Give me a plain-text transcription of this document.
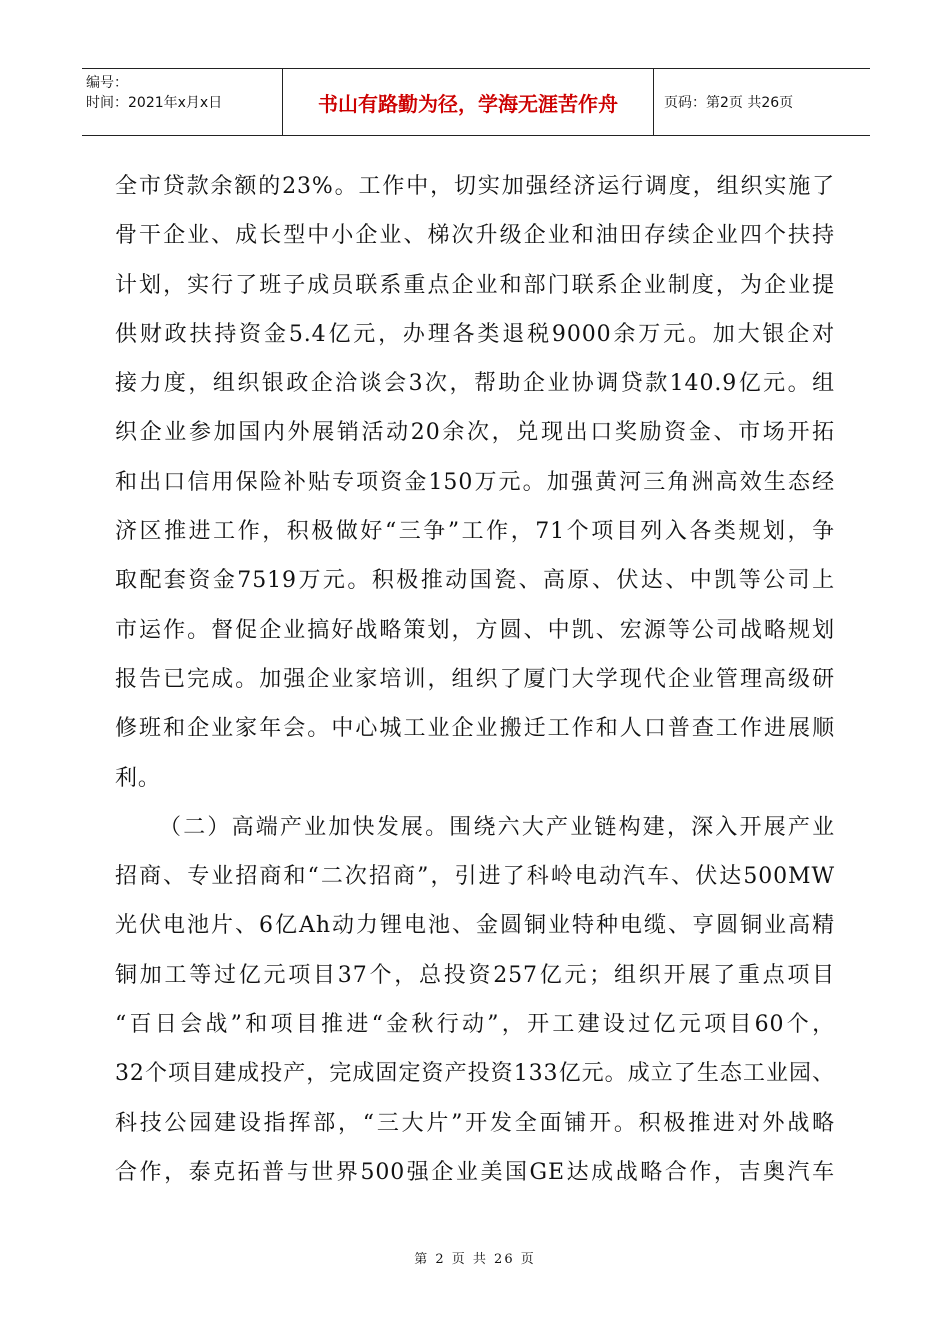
编号：
时间：2021年x月x日	书山有路勤为径，学海无涯苦作舟	页码：第2页 共26页
全市贷款余额的23%。工作中，切实加强经济运行调度，组织实施了
骨干企业、成长型中小企业、梯次升级企业和油田存续企业四个扶持
计划，实行了班子成员联系重点企业和部门联系企业制度，为企业提
供财政扶持资金5.4亿元，办理各类退税9000余万元。加大银企对
接力度，组织银政企洽谈会3次，帮助企业协调贷款140.9亿元。组
织企业参加国内外展销活动20余次，兑现出口奖励资金、市场开拓
和出口信用保险补贴专项资金150万元。加强黄河三角洲高效生态经
济区推进工作，积极做好“三争”工作，71个项目列入各类规划，争
取配套资金7519万元。积极推动国瓷、高原、伏达、中凯等公司上
市运作。督促企业搞好战略策划，方圆、中凯、宏源等公司战略规划
报告已完成。加强企业家培训，组织了厦门大学现代企业管理高级研
修班和企业家年会。中心城工业企业搬迁工作和人口普查工作进展顺
利。
（二）高端产业加快发展。围绕六大产业链构建，深入开展产业
招商、专业招商和“二次招商”，引进了科岭电动汽车、伏达500MW
光伏电池片、6亿Ah动力锂电池、金圆铜业特种电缆、亨圆铜业高精
铜加工等过亿元项目37个，总投资257亿元；组织开展了重点项目
“百日会战”和项目推进“金秋行动”，开工建设过亿元项目60个，
32个项目建成投产，完成固定资产投资133亿元。成立了生态工业园、
科技公园建设指挥部，“三大片”开发全面铺开。积极推进对外战略
合作，泰克拓普与世界500强企业美国GE达成战略合作，吉奥汽车
第 2 页 共 26 页
